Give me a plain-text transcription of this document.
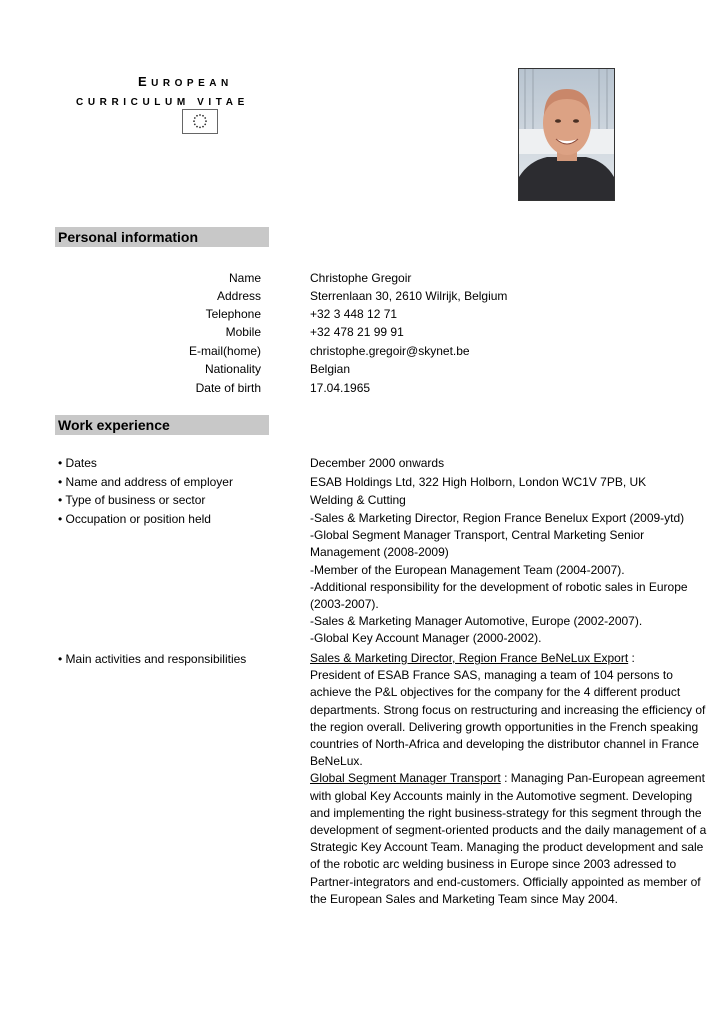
EUROPEAN
CURRICULUM VITAE
Personal information
Name	Christophe Gregoir
Address	Sterrenlaan 30, 2610 Wilrijk, Belgium
Telephone	+32 3 448 12 71
Mobile	+32 478 21 99 91
E-mail(home)	christophe.gregoir@skynet.be
Nationality	Belgian
Date of birth	17.04.1965
Work experience
• Dates	December 2000 onwards
• Name and address of employer	ESAB Holdings Ltd, 322 High Holborn, London WC1V 7PB, UK
• Type of business or sector	Welding & Cutting
• Occupation or position held	-Sales & Marketing Director, Region France Benelux Export (2009-ytd)
-Global Segment Manager Transport, Central Marketing Senior
Management (2008-2009)
-Member of the European Management Team (2004-2007).
-Additional responsibility for the development of robotic sales in Europe
(2003-2007).
-Sales & Marketing Manager Automotive, Europe (2002-2007).
-Global Key Account Manager (2000-2002).
• Main activities and responsibilities	Sales & Marketing Director, Region France BeNeLux Export :
President of ESAB France SAS, managing a team of 104 persons to
achieve the P&L objectives for the company for the 4 different product
departments. Strong focus on restructuring and increasing the efficiency of
the region overall. Delivering growth opportunities in the French speaking
countries of North-Africa and developing the distributor channel in France
BeNeLux.
Global Segment Manager Transport : Managing Pan-European agreement
with global Key Accounts mainly in the Automotive segment. Developing
and implementing the right business-strategy for this segment through the
development of segment-oriented products and the daily management of a
Strategic Key Account Team. Managing the product development and sale
of the robotic arc welding business in Europe since 2003 adressed to
Partner-integrators and end-customers. Officially appointed as member of
the European Sales and Marketing Team since May 2004.
